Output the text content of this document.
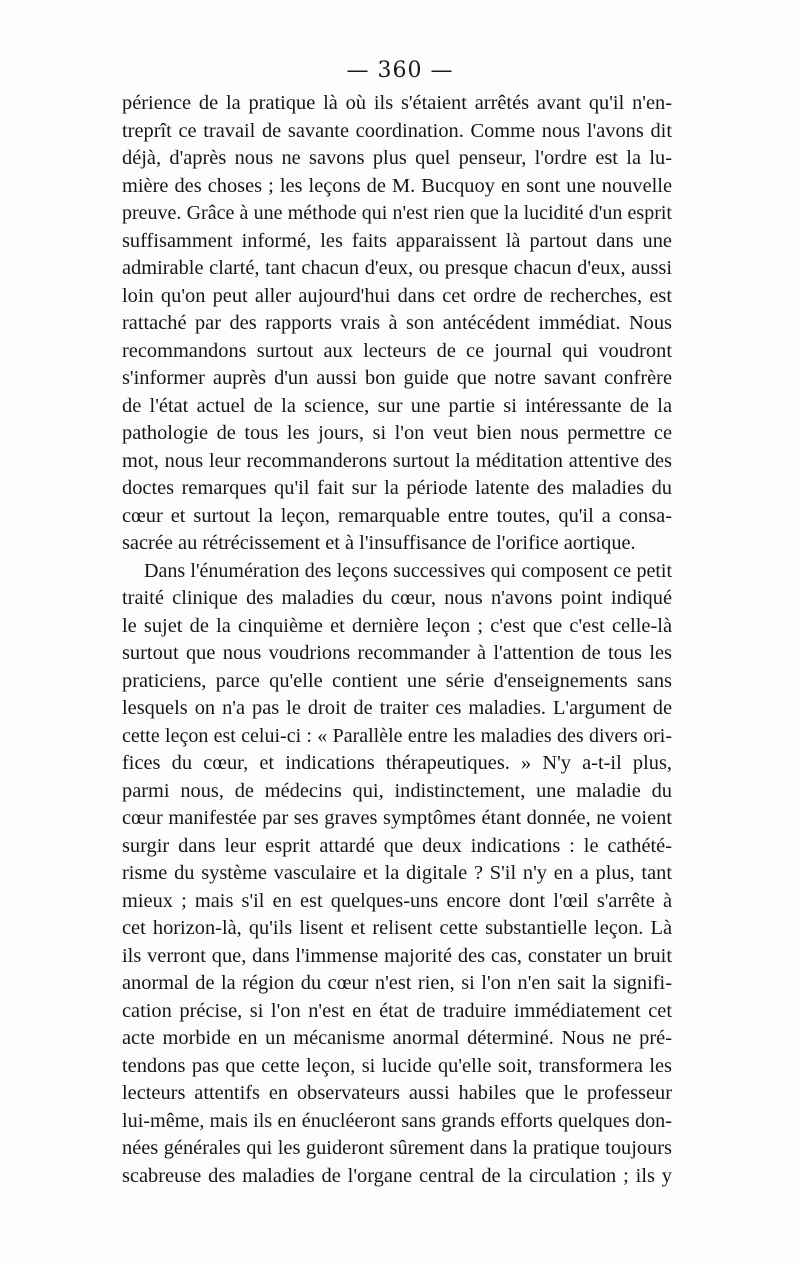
— 360 —
périence de la pratique là où ils s'étaient arrêtés avant qu'il n'en-
treprît ce travail de savante coordination. Comme nous l'avons dit
déjà, d'après nous ne savons plus quel penseur, l'ordre est la lu-
mière des choses ; les leçons de M. Bucquoy en sont une nouvelle
preuve. Grâce à une méthode qui n'est rien que la lucidité d'un esprit
suffisamment informé, les faits apparaissent là partout dans une
admirable clarté, tant chacun d'eux, ou presque chacun d'eux, aussi
loin qu'on peut aller aujourd'hui dans cet ordre de recherches, est
rattaché par des rapports vrais à son antécédent immédiat. Nous
recommandons surtout aux lecteurs de ce journal qui voudront
s'informer auprès d'un aussi bon guide que notre savant confrère
de l'état actuel de la science, sur une partie si intéressante de la
pathologie de tous les jours, si l'on veut bien nous permettre ce
mot, nous leur recommanderons surtout la méditation attentive des
doctes remarques qu'il fait sur la période latente des maladies du
cœur et surtout la leçon, remarquable entre toutes, qu'il a consa-
sacrée au rétrécissement et à l'insuffisance de l'orifice aortique.
Dans l'énumération des leçons successives qui composent ce petit
traité clinique des maladies du cœur, nous n'avons point indiqué
le sujet de la cinquième et dernière leçon ; c'est que c'est celle-là
surtout que nous voudrions recommander à l'attention de tous les
praticiens, parce qu'elle contient une série d'enseignements sans
lesquels on n'a pas le droit de traiter ces maladies. L'argument de
cette leçon est celui-ci : « Parallèle entre les maladies des divers ori-
fices du cœur, et indications thérapeutiques. » N'y a-t-il plus,
parmi nous, de médecins qui, indistinctement, une maladie du
cœur manifestée par ses graves symptômes étant donnée, ne voient
surgir dans leur esprit attardé que deux indications : le cathété-
risme du système vasculaire et la digitale ? S'il n'y en a plus, tant
mieux ; mais s'il en est quelques-uns encore dont l'œil s'arrête à
cet horizon-là, qu'ils lisent et relisent cette substantielle leçon. Là
ils verront que, dans l'immense majorité des cas, constater un bruit
anormal de la région du cœur n'est rien, si l'on n'en sait la signifi-
cation précise, si l'on n'est en état de traduire immédiatement cet
acte morbide en un mécanisme anormal déterminé. Nous ne pré-
tendons pas que cette leçon, si lucide qu'elle soit, transformera les
lecteurs attentifs en observateurs aussi habiles que le professeur
lui-même, mais ils en énucléeront sans grands efforts quelques don-
nées générales qui les guideront sûrement dans la pratique toujours
scabreuse des maladies de l'organe central de la circulation ; ils y
